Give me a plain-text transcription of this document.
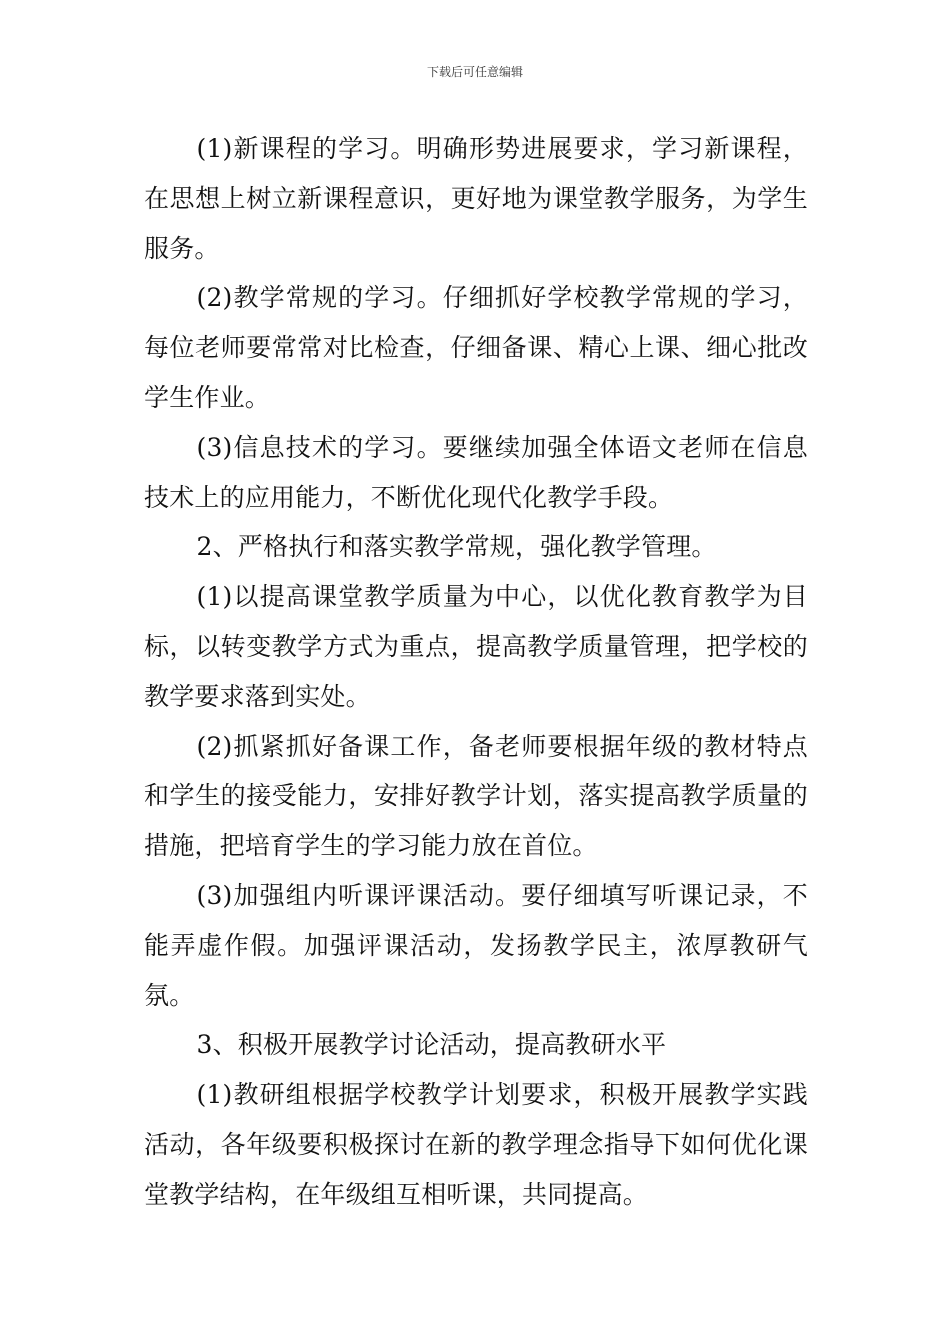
下载后可任意编辑

(1)新课程的学习。明确形势进展要求，学习新课程，在思想上树立新课程意识，更好地为课堂教学服务，为学生服务。

(2)教学常规的学习。仔细抓好学校教学常规的学习，每位老师要常常对比检查，仔细备课、精心上课、细心批改学生作业。

(3)信息技术的学习。要继续加强全体语文老师在信息技术上的应用能力，不断优化现代化教学手段。

2、严格执行和落实教学常规，强化教学管理。

(1)以提高课堂教学质量为中心，以优化教育教学为目标，以转变教学方式为重点，提高教学质量管理，把学校的教学要求落到实处。

(2)抓紧抓好备课工作，备老师要根据年级的教材特点和学生的接受能力，安排好教学计划，落实提高教学质量的措施，把培育学生的学习能力放在首位。

(3)加强组内听课评课活动。要仔细填写听课记录，不能弄虚作假。加强评课活动，发扬教学民主，浓厚教研气氛。

3、积极开展教学讨论活动，提高教研水平

(1)教研组根据学校教学计划要求，积极开展教学实践活动，各年级要积极探讨在新的教学理念指导下如何优化课堂教学结构，在年级组互相听课，共同提高。
